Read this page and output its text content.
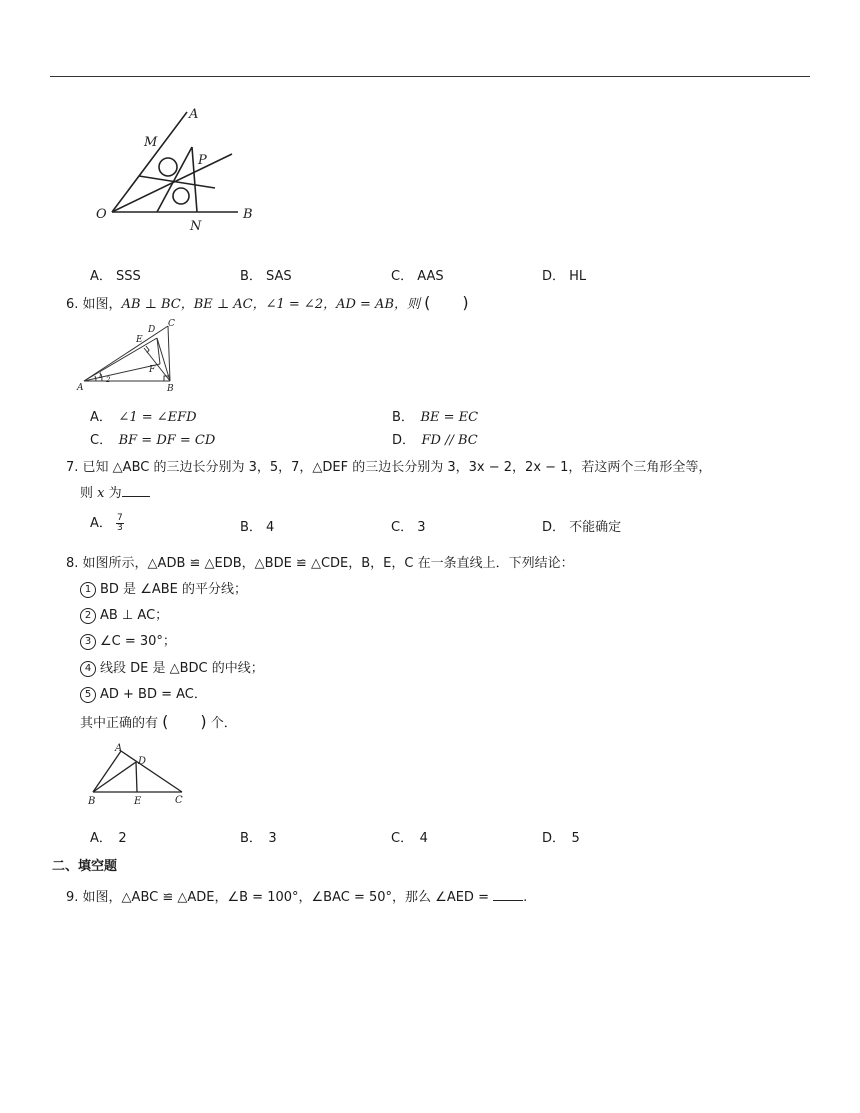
A
M
P
O
N
B
A． SSS	B． SAS	C． AAS	D． HL
6. 如图，AB ⊥ BC，BE ⊥ AC，∠1 = ∠2，AD = AB，则 (　　)
C
D
E
F
A	B
1 2
A．　 ∠1 = ∠EFD	B．　 BE = EC
C．　 BF = DF = CD	D．　 FD // BC
7. 已知 △ABC 的三边长分别为 3，5，7，△DEF 的三边长分别为 3，3x − 2，2x − 1，若这两个三角形全等，
则 x 为
A． $\frac{7}{3}$	B． 4	C． 3	D． 不能确定
8. 如图所示，△ADB ≌ △EDB，△BDE ≌ △CDE，B，E，C 在一条直线上．下列结论：
1 BD 是 ∠ABE 的平分线；
2 AB ⊥ AC；
3 ∠C = 30°；
4 线段 DE 是 △BDC 的中线；
5 AD + BD = AC．
其中正确的有 (　　) 个．
A
D
B	E	C
A．　2	B．　3	C．　4	D．　5
二、填空题
9. 如图，△ABC ≌ △ADE，∠B = 100°，∠BAC = 50°，那么 ∠AED =	.
